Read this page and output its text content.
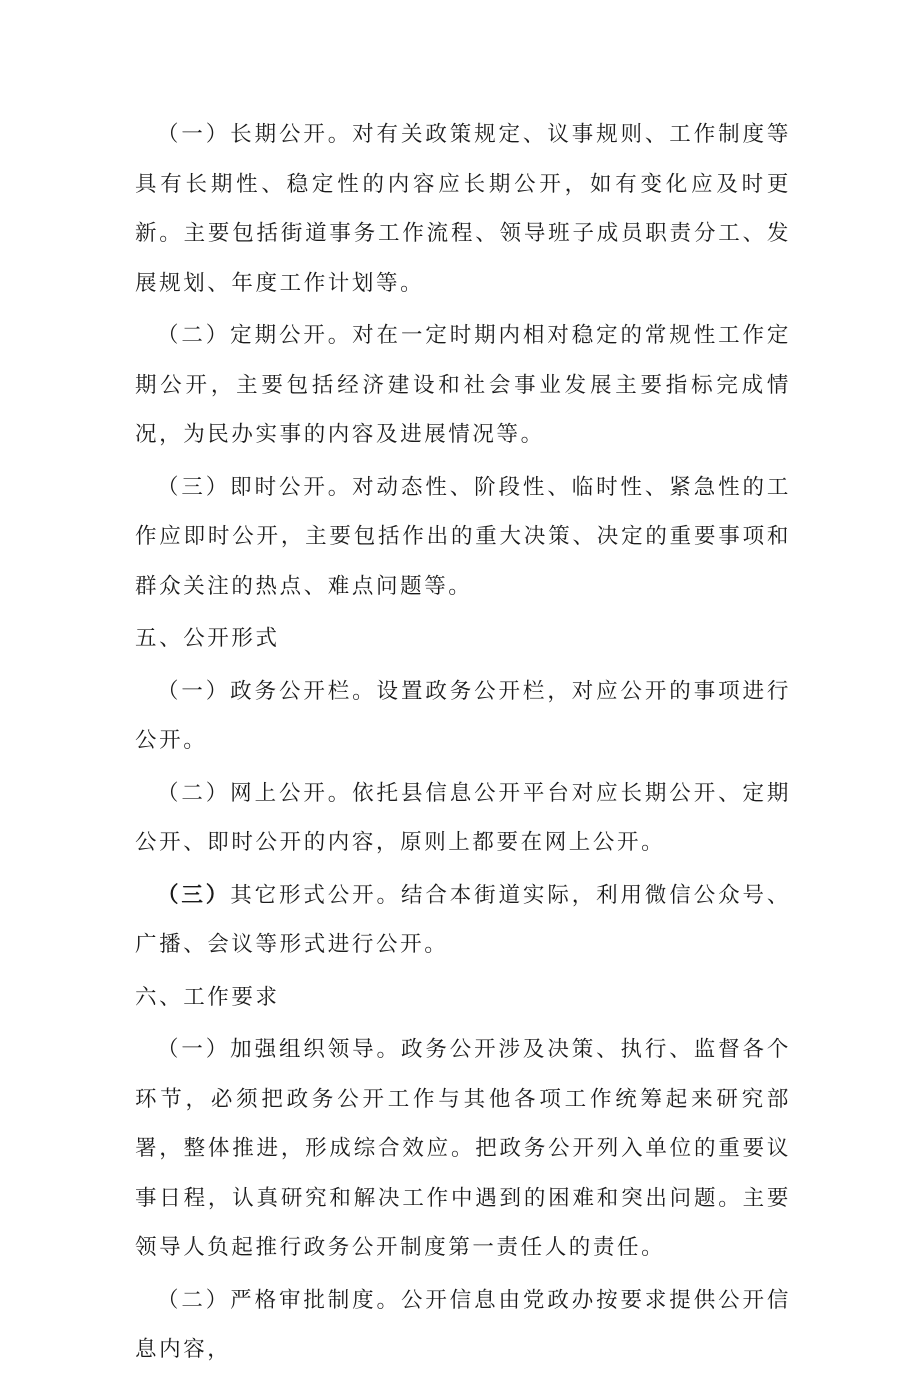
（一）长期公开。对有关政策规定、议事规则、工作制度等具有长期性、稳定性的内容应长期公开，如有变化应及时更新。主要包括街道事务工作流程、领导班子成员职责分工、发展规划、年度工作计划等。

（二）定期公开。对在一定时期内相对稳定的常规性工作定期公开，主要包括经济建设和社会事业发展主要指标完成情况，为民办实事的内容及进展情况等。

（三）即时公开。对动态性、阶段性、临时性、紧急性的工作应即时公开，主要包括作出的重大决策、决定的重要事项和群众关注的热点、难点问题等。

五、公开形式

（一）政务公开栏。设置政务公开栏，对应公开的事项进行公开。

（二）网上公开。依托县信息公开平台对应长期公开、定期公开、即时公开的内容，原则上都要在网上公开。

（三）其它形式公开。结合本街道实际，利用微信公众号、广播、会议等形式进行公开。

六、工作要求

（一）加强组织领导。政务公开涉及决策、执行、监督各个环节，必须把政务公开工作与其他各项工作统筹起来研究部署，整体推进，形成综合效应。把政务公开列入单位的重要议事日程，认真研究和解决工作中遇到的困难和突出问题。主要领导人负起推行政务公开制度第一责任人的责任。

（二）严格审批制度。公开信息由党政办按要求提供公开信息内容，
